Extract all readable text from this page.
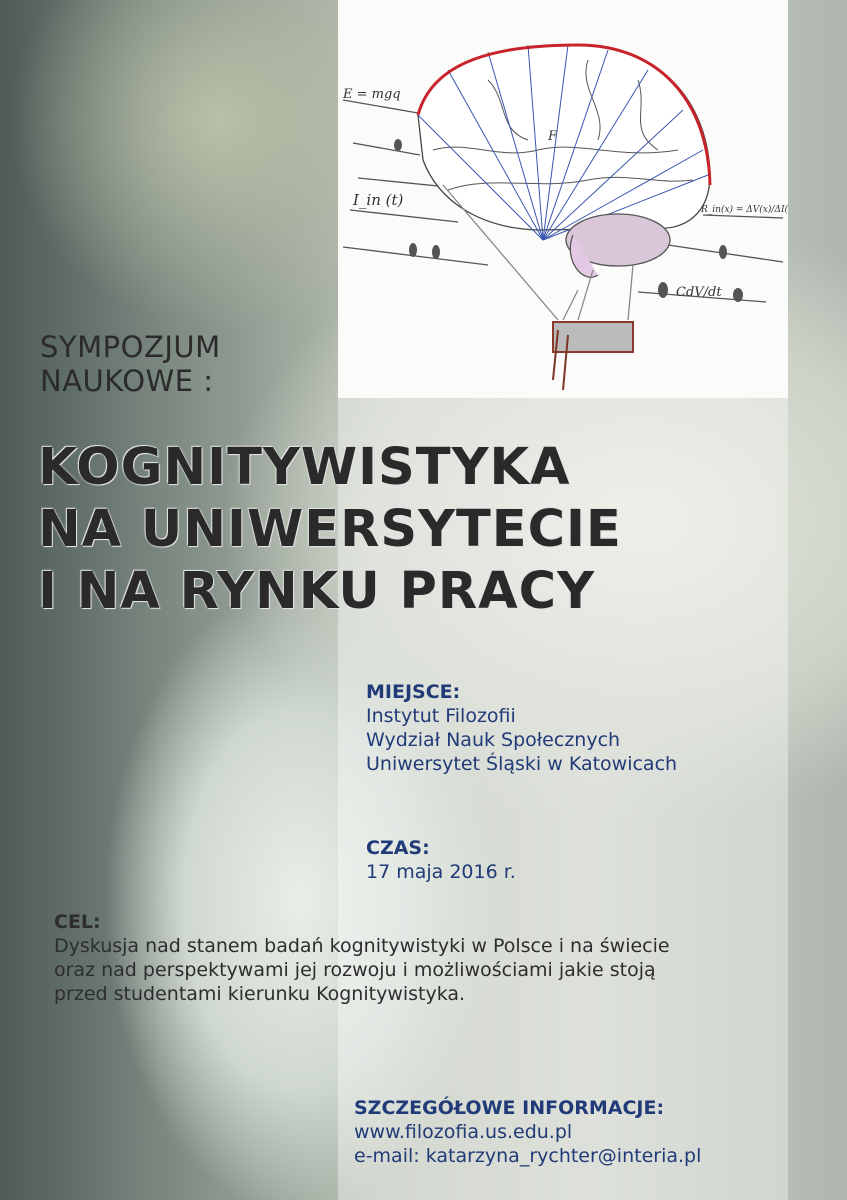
E = mgq
I_in (t)
R_in(x) = ΔV(x)/ΔI(x)
CdV/dt
F
SYMPOZJUM
NAUKOWE :
KOGNITYWISTYKA
NA UNIWERSYTECIE
I NA RYNKU PRACY
MIEJSCE:
Instytut Filozofii
Wydział Nauk Społecznych
Uniwersytet Śląski w Katowicach
CZAS:
17 maja 2016 r.
CEL:
Dyskusja nad stanem badań kognitywistyki w Polsce i na świecie
oraz nad perspektywami jej rozwoju i możliwościami jakie stoją
przed studentami kierunku Kognitywistyka.
SZCZEGÓŁOWE INFORMACJE:
www.filozofia.us.edu.pl
e-mail: katarzyna_rychter@interia.pl
